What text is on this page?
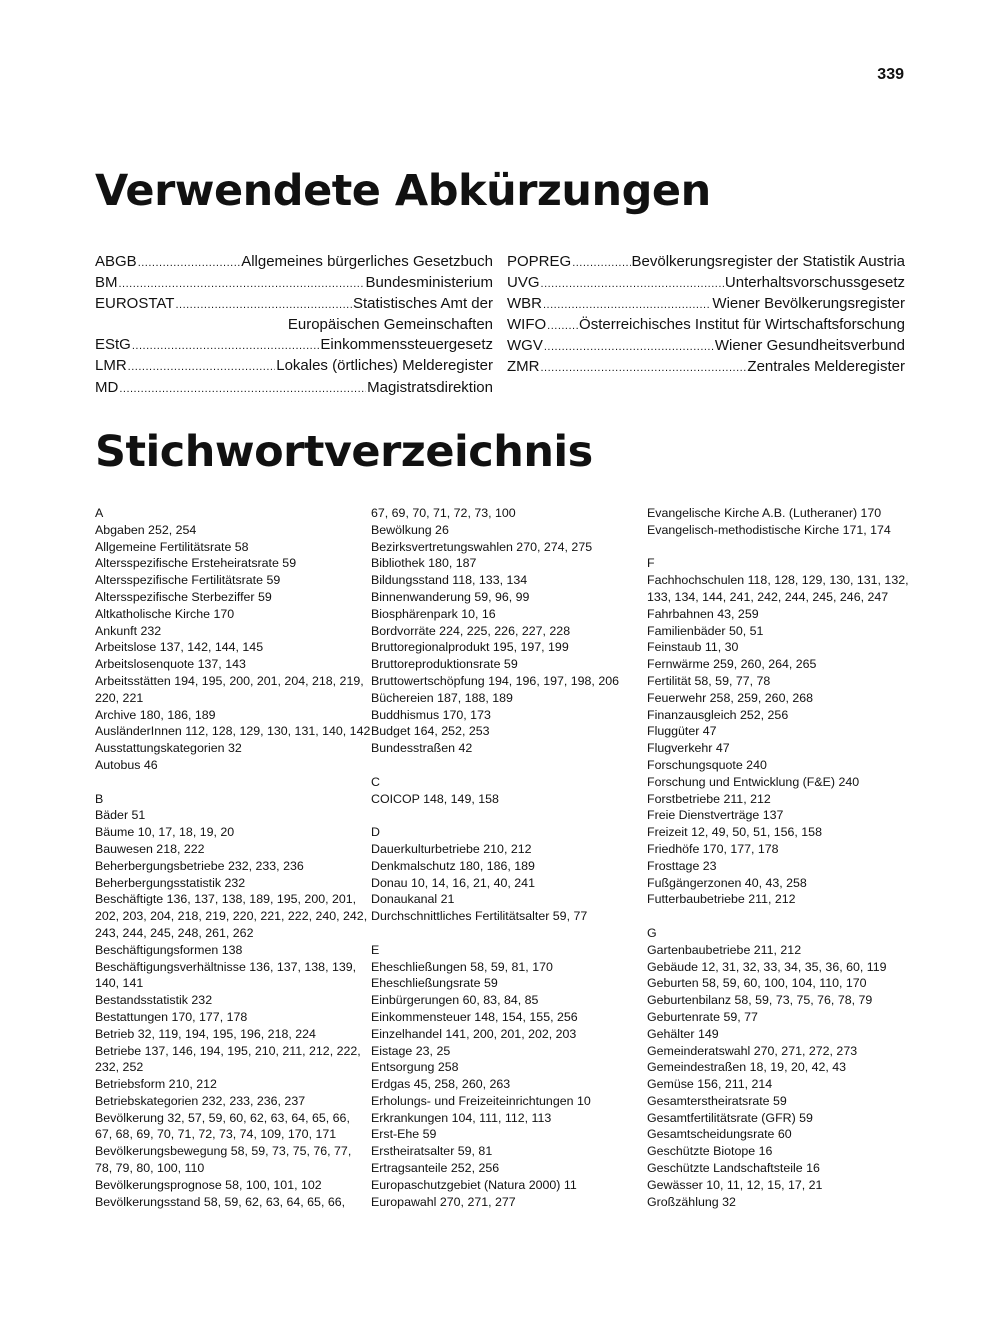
339
Verwendete Abkürzungen
ABGB .....	Allgemeines bürgerliches Gesetzbuch
BM .....	Bundesministerium
EUROSTAT .....	Statistisches Amt der
Europäischen Gemeinschaften
EStG .....	Einkommenssteuergesetz
LMR .....	Lokales (örtliches) Melderegister
MD .....	Magistratsdirektion
POPREG .....	Bevölkerungsregister der Statistik Austria
UVG .....	Unterhaltsvorschussgesetz
WBR .....	Wiener Bevölkerungsregister
WIFO ..... Österreichisches Institut für Wirtschaftsforschung
WGV .....	Wiener Gesundheitsverbund
ZMR .....	Zentrales Melderegister
Stichwortverzeichnis
A
Abgaben 252, 254
Allgemeine Fertilitätsrate 58
Altersspezifische Ersteheiratsrate 59
Altersspezifische Fertilitätsrate 59
Altersspezifische Sterbeziffer 59
Altkatholische Kirche 170
Ankunft 232
Arbeitslose 137, 142, 144, 145
Arbeitslosenquote 137, 143
Arbeitsstätten 194, 195, 200, 201, 204, 218, 219,
220, 221
Archive 180, 186, 189
AusländerInnen 112, 128, 129, 130, 131, 140, 142
Ausstattungskategorien 32
Autobus 46
B
Bäder 51
Bäume 10, 17, 18, 19, 20
Bauwesen 218, 222
Beherbergungsbetriebe 232, 233, 236
Beherbergungsstatistik 232
Beschäftigte 136, 137, 138, 189, 195, 200, 201,
202, 203, 204, 218, 219, 220, 221, 222, 240, 242,
243, 244, 245, 248, 261, 262
Beschäftigungsformen 138
Beschäftigungsverhältnisse 136, 137, 138, 139,
140, 141
Bestandsstatistik 232
Bestattungen 170, 177, 178
Betrieb 32, 119, 194, 195, 196, 218, 224
Betriebe 137, 146, 194, 195, 210, 211, 212, 222,
232, 252
Betriebsform 210, 212
Betriebskategorien 232, 233, 236, 237
Bevölkerung 32, 57, 59, 60, 62, 63, 64, 65, 66,
67, 68, 69, 70, 71, 72, 73, 74, 109, 170, 171
Bevölkerungsbewegung 58, 59, 73, 75, 76, 77,
78, 79, 80, 100, 110
Bevölkerungsprognose 58, 100, 101, 102
Bevölkerungsstand 58, 59, 62, 63, 64, 65, 66,
67, 69, 70, 71, 72, 73, 100
Bewölkung 26
Bezirksvertretungswahlen 270, 274, 275
Bibliothek 180, 187
Bildungsstand 118, 133, 134
Binnenwanderung 59, 96, 99
Biosphärenpark 10, 16
Bordvorräte 224, 225, 226, 227, 228
Bruttoregionalprodukt 195, 197, 199
Bruttoreproduktionsrate 59
Bruttowertschöpfung 194, 196, 197, 198, 206
Büchereien 187, 188, 189
Buddhismus 170, 173
Budget 164, 252, 253
Bundesstraßen 42
C
COICOP 148, 149, 158
D
Dauerkulturbetriebe 210, 212
Denkmalschutz 180, 186, 189
Donau 10, 14, 16, 21, 40, 241
Donaukanal 21
Durchschnittliches Fertilitätsalter 59, 77
E
Eheschließungen 58, 59, 81, 170
Eheschließungsrate 59
Einbürgerungen 60, 83, 84, 85
Einkommensteuer 148, 154, 155, 256
Einzelhandel 141, 200, 201, 202, 203
Eistage 23, 25
Entsorgung 258
Erdgas 45, 258, 260, 263
Erholungs- und Freizeiteinrichtungen 10
Erkrankungen 104, 111, 112, 113
Erst-Ehe 59
Erstheiratsalter 59, 81
Ertragsanteile 252, 256
Europaschutzgebiet (Natura 2000) 11
Europawahl 270, 271, 277
Evangelische Kirche A.B. (Lutheraner) 170
Evangelisch-methodistische Kirche 171, 174
F
Fachhochschulen 118, 128, 129, 130, 131, 132,
133, 134, 144, 241, 242, 244, 245, 246, 247
Fahrbahnen 43, 259
Familienbäder 50, 51
Feinstaub 11, 30
Fernwärme 259, 260, 264, 265
Fertilität 58, 59, 77, 78
Feuerwehr 258, 259, 260, 268
Finanzausgleich 252, 256
Fluggüter 47
Flugverkehr 47
Forschungsquote 240
Forschung und Entwicklung (F&E) 240
Forstbetriebe 211, 212
Freie Dienstverträge 137
Freizeit 12, 49, 50, 51, 156, 158
Friedhöfe 170, 177, 178
Frosttage 23
Fußgängerzonen 40, 43, 258
Futterbaubetriebe 211, 212
G
Gartenbaubetriebe 211, 212
Gebäude 12, 31, 32, 33, 34, 35, 36, 60, 119
Geburten 58, 59, 60, 100, 104, 110, 170
Geburtenbilanz 58, 59, 73, 75, 76, 78, 79
Geburtenrate 59, 77
Gehälter 149
Gemeinderatswahl 270, 271, 272, 273
Gemeindestraßen 18, 19, 20, 42, 43
Gemüse 156, 211, 214
Gesamterstheiratsrate 59
Gesamtfertilitätsrate (GFR) 59
Gesamtscheidungsrate 60
Geschützte Biotope 16
Geschützte Landschaftsteile 16
Gewässer 10, 11, 12, 15, 17, 21
Großzählung 32
